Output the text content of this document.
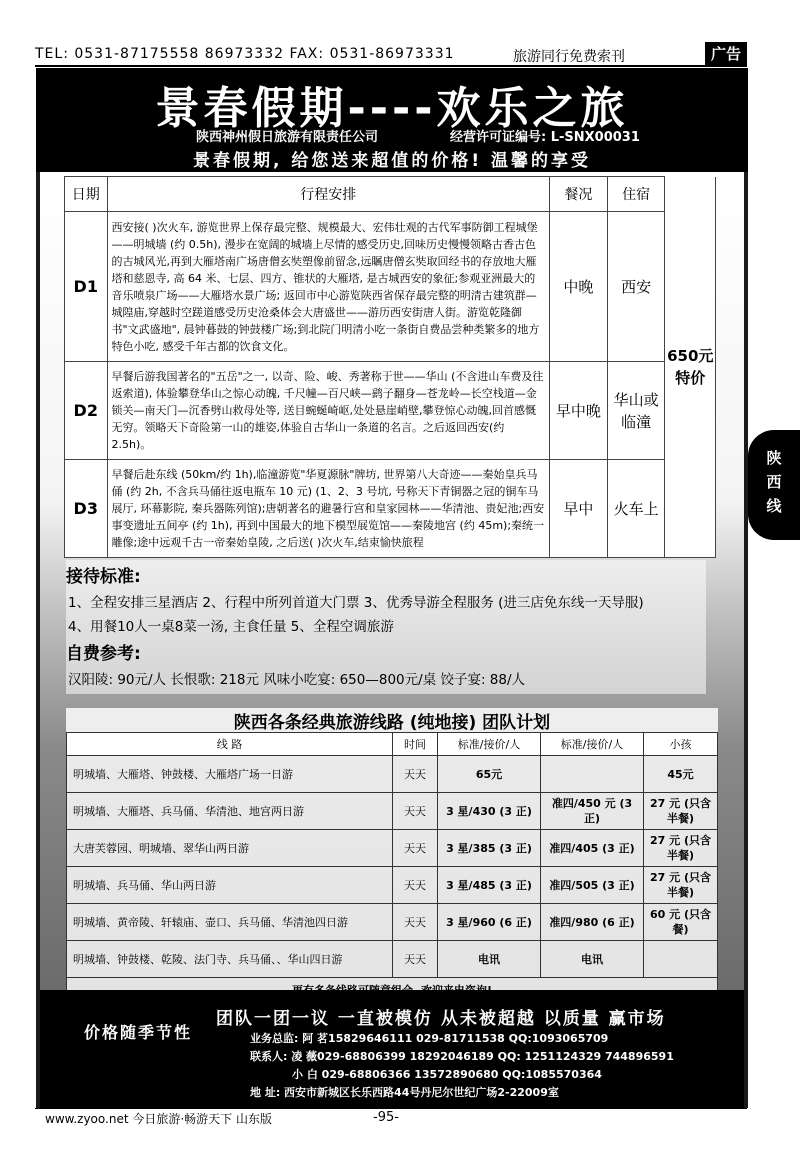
TEL: 0531-87175558 86973332 FAX: 0531-86973331	旅游同行免费索刊	广告
景春假期----欢乐之旅
陕西神州假日旅游有限责任公司	经营许可证编号: L-SNX00031
景春假期, 给您送来超值的价格! 温馨的享受
日期	行程安排	餐况	住宿	650元特价
D1	西安接( )次火车, 游览世界上保存最完整、规模最大、宏伟壮观的古代军事防御工程城堡——明城墙 (约 0.5h), 漫步在宽阔的城墙上尽情的感受历史,回味历史慢慢领略古香古色的古城风光,再到大雁塔南广场唐僧玄奘塑像前留念,远瞩唐僧玄奘取回经书的存放地大雁塔和慈恩寺, 高 64 米、七层、四方、锥状的大雁塔, 是古城西安的象征;参观亚洲最大的音乐喷泉广场——大雁塔水景广场; 返回市中心游览陕西省保存最完整的明清古建筑群—城隍庙,穿越时空蹉道感受历史沧桑体会大唐盛世——游历西安街唐人街。游览乾隆御书"文武盛地", 晨钟暮鼓的钟鼓楼广场;到北院门明清小吃一条街自费品尝种类繁多的地方特色小吃, 感受千年古都的饮食文化。	中晚	西安	
D2	早餐后游我国著名的"五岳"之一, 以奇、险、峻、秀著称于世——华山 (不含进山车费及往返索道), 体验攀登华山之惊心动魄, 千尺幢—百尺峡—鹞子翻身—苍龙岭—长空栈道—金锁关—南天门—沉香劈山救母处等, 送目蜿蜒崎岖,处处悬崖峭壁,攀登惊心动魄,回首感慨无穷。领略天下奇险第一山的雄姿,体验自古华山一条道的名言。之后返回西安(约 2.5h)。	早中晚	华山或临潼	
D3	早餐后赴东线 (50km/约 1h),临潼游览"华夏源脉"牌坊, 世界第八大奇迹——秦始皇兵马俑 (约 2h, 不含兵马俑往返电瓶车 10 元) (1、2、3 号坑, 号称天下青铜器之冠的铜车马展厅, 环幕影院, 秦兵器陈列馆);唐朝著名的避暑行宫和皇家园林——华清池、贵妃池;西安事变遗址五间亭 (约 1h), 再到中国最大的地下模型展览馆——秦陵地宫 (约 45m);秦统一雕像;途中远观千古一帝秦始皇陵, 之后送( )次火车,结束愉快旅程	早中	火车上	
陕
西
线
接待标准:
1、全程安排三星酒店 2、行程中所列首道大门票 3、优秀导游全程服务 (进三店免东线一天导服)
4、用餐10人一桌8菜一汤, 主食任量 5、全程空调旅游
自费参考:
汉阳陵: 90元/人 长恨歌: 218元 风味小吃宴: 650—800元/桌 饺子宴: 88/人
陕西各条经典旅游线路 (纯地接) 团队计划
线 路	时间	标准/接价/人	标准/接价/人	小孩
明城墙、大雁塔、钟鼓楼、大雁塔广场一日游	天天	65元		45元
明城墙、大雁塔、兵马俑、华清池、地宫两日游	天天	3 星/430 (3 正)	准四/450 元 (3 正)	27 元 (只含半餐)
大唐芙蓉园、明城墙、翠华山两日游	天天	3 星/385 (3 正)	准四/405 (3 正)	27 元 (只含半餐)
明城墙、兵马俑、华山两日游	天天	3 星/485 (3 正)	准四/505 (3 正)	27 元 (只含半餐)
明城墙、黄帝陵、轩辕庙、壶口、兵马俑、华清池四日游	天天	3 星/960 (6 正)	准四/980 (6 正)	60 元 (只含餐)
明城墙、钟鼓楼、乾陵、法门寺、兵马俑、、华山四日游	天天	电讯	电讯	

团队一团一议 一直被模仿 从未被超越 以质量 赢市场
价格随季节性	业务总监: 阿 茗15829646111 029-81711538 QQ:1093065709
联系人: 凌 薇029-68806399 18292046189 QQ: 1251124329 744896591
小 白 029-68806366 13572890680 QQ:1085570364
地 址: 西安市新城区长乐西路44号丹尼尔世纪广场2-22009室
www.zyoo.net 今日旅游·畅游天下 山东版	-95-
